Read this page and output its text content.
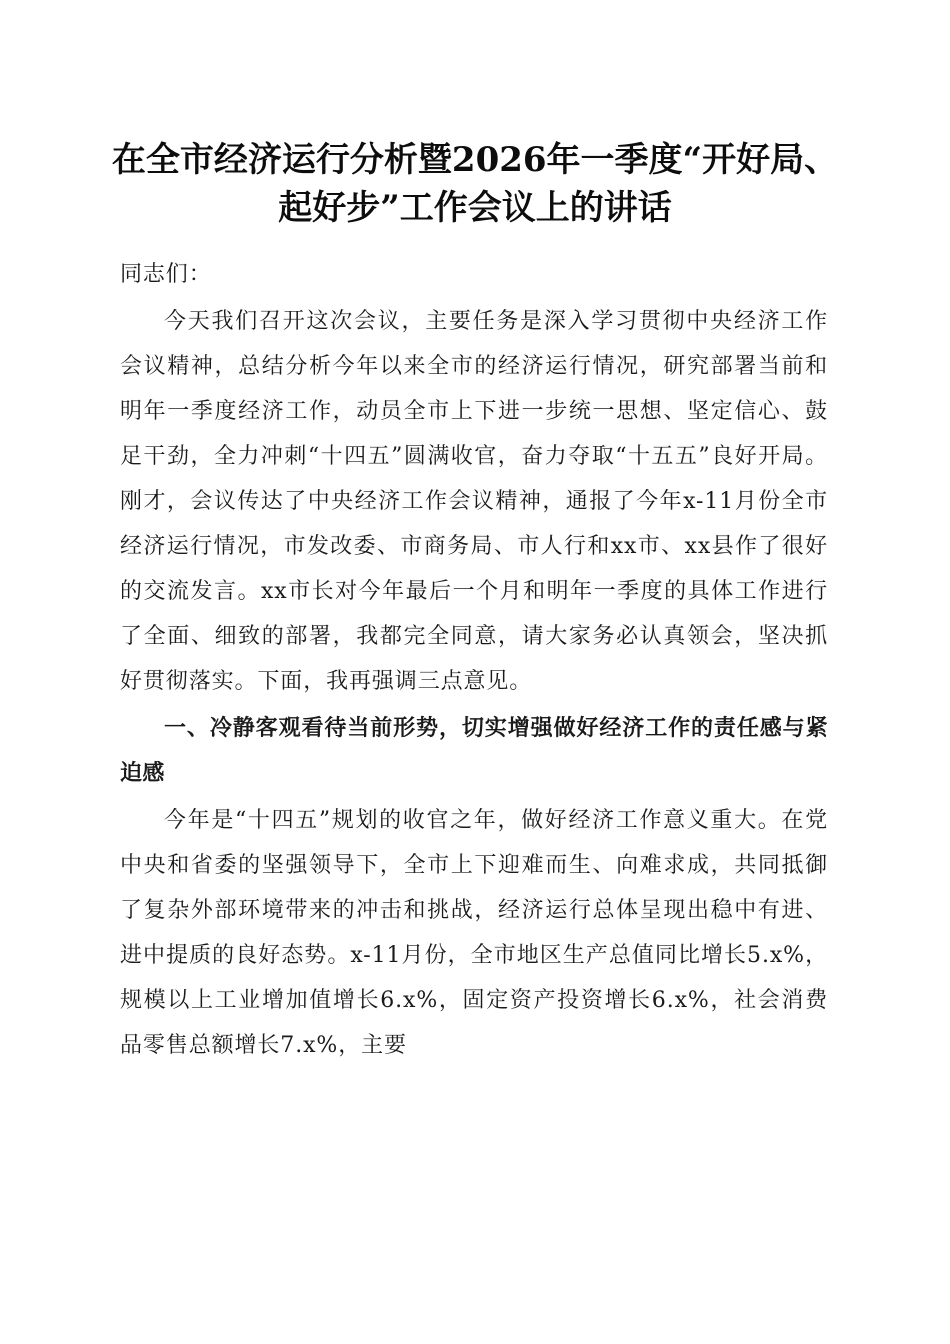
在全市经济运行分析暨2026年一季度“开好局、起好步”工作会议上的讲话

同志们：

今天我们召开这次会议，主要任务是深入学习贯彻中央经济工作会议精神，总结分析今年以来全市的经济运行情况，研究部署当前和明年一季度经济工作，动员全市上下进一步统一思想、坚定信心、鼓足干劲，全力冲刺“十四五”圆满收官，奋力夺取“十五五”良好开局。刚才，会议传达了中央经济工作会议精神，通报了今年x-11月份全市经济运行情况，市发改委、市商务局、市人行和xx市、xx县作了很好的交流发言。xx市长对今年最后一个月和明年一季度的具体工作进行了全面、细致的部署，我都完全同意，请大家务必认真领会，坚决抓好贯彻落实。下面，我再强调三点意见。

一、冷静客观看待当前形势，切实增强做好经济工作的责任感与紧迫感

今年是“十四五”规划的收官之年，做好经济工作意义重大。在党中央和省委的坚强领导下，全市上下迎难而生、向难求成，共同抵御了复杂外部环境带来的冲击和挑战，经济运行总体呈现出稳中有进、进中提质的良好态势。x-11月份，全市地区生产总值同比增长5.x%，规模以上工业增加值增长6.x%，固定资产投资增长6.x%，社会消费品零售总额增长7.x%，主要
